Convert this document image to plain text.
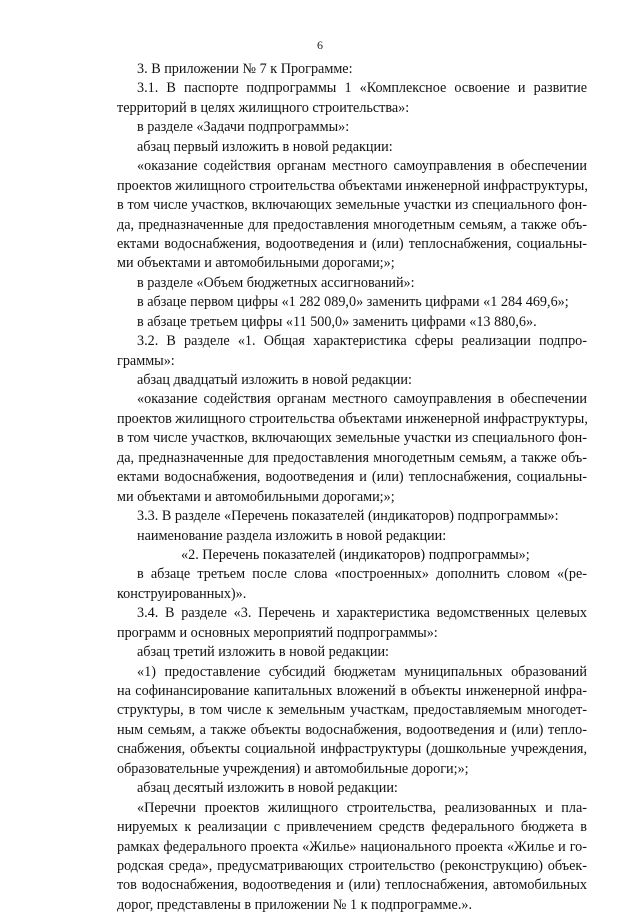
6
3. В приложении № 7 к Программе:
3.1. В паспорте подпрограммы 1 «Комплексное освоение и развитие
территорий в целях жилищного строительства»:
в разделе «Задачи подпрограммы»:
абзац первый изложить в новой редакции:
«оказание содействия органам местного самоуправления в обеспечении
проектов жилищного строительства объектами инженерной инфраструктуры,
в том числе участков, включающих земельные участки из специального фон-
да, предназначенные для предоставления многодетным семьям, а также объ-
ектами водоснабжения, водоотведения и (или) теплоснабжения, социальны-
ми объектами и автомобильными дорогами;»;
в разделе «Объем бюджетных ассигнований»:
в абзаце первом цифры «1 282 089,0» заменить цифрами «1 284 469,6»;
в абзаце третьем цифры «11 500,0» заменить цифрами «13 880,6».
3.2. В разделе «1. Общая характеристика сферы реализации подпро-
граммы»:
абзац двадцатый изложить в новой редакции:
«оказание содействия органам местного самоуправления в обеспечении
проектов жилищного строительства объектами инженерной инфраструктуры,
в том числе участков, включающих земельные участки из специального фон-
да, предназначенные для предоставления многодетным семьям, а также объ-
ектами водоснабжения, водоотведения и (или) теплоснабжения, социальны-
ми объектами и автомобильными дорогами;»;
3.3. В разделе «Перечень показателей (индикаторов) подпрограммы»:
наименование раздела изложить в новой редакции:
«2. Перечень показателей (индикаторов) подпрограммы»;
в абзаце третьем после слова «построенных» дополнить словом «(ре-
конструированных)».
3.4. В разделе «3. Перечень и характеристика ведомственных целевых
программ и основных мероприятий подпрограммы»:
абзац третий изложить в новой редакции:
«1) предоставление субсидий бюджетам муниципальных образований
на софинансирование капитальных вложений в объекты инженерной инфра-
структуры, в том числе к земельным участкам, предоставляемым многодет-
ным семьям, а также объекты водоснабжения, водоотведения и (или) тепло-
снабжения, объекты социальной инфраструктуры (дошкольные учреждения,
образовательные учреждения) и автомобильные дороги;»;
абзац десятый изложить в новой редакции:
«Перечни проектов жилищного строительства, реализованных и пла-
нируемых к реализации с привлечением средств федерального бюджета в
рамках федерального проекта «Жилье» национального проекта «Жилье и го-
родская среда», предусматривающих строительство (реконструкцию) объек-
тов водоснабжения, водоотведения и (или) теплоснабжения, автомобильных
дорог, представлены в приложении № 1 к подпрограмме.».
